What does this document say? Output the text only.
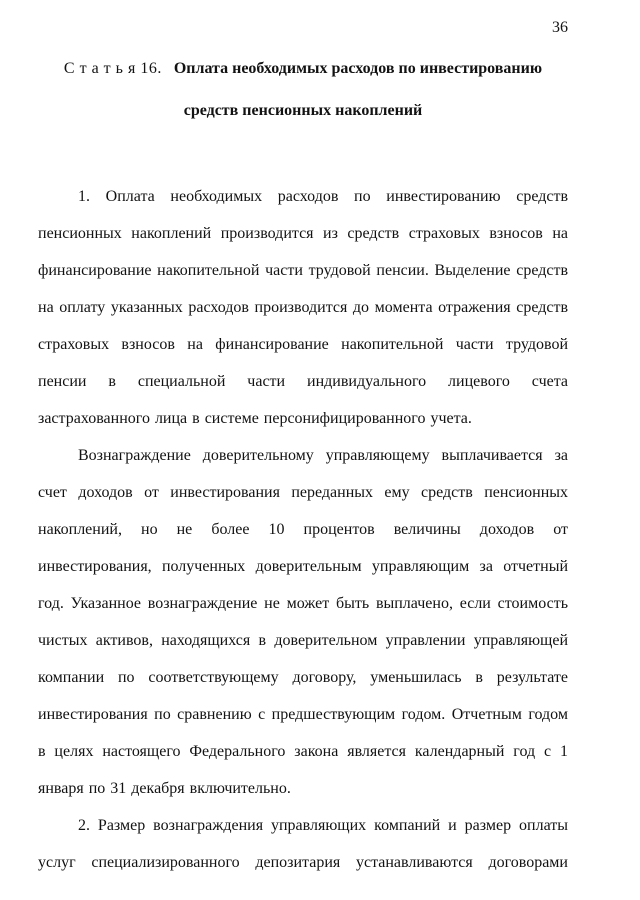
36
С т а т ь я 16. Оплата необходимых расходов по инвестированию
средств пенсионных накоплений

1. Оплата необходимых расходов по инвестированию средств пенсионных накоплений производится из средств страховых взносов на финансирование накопительной части трудовой пенсии. Выделение средств на оплату указанных расходов производится до момента отражения средств страховых взносов на финансирование накопительной части трудовой пенсии в специальной части индивидуального лицевого счета застрахованного лица в системе персонифицированного учета.

Вознаграждение доверительному управляющему выплачивается за счет доходов от инвестирования переданных ему средств пенсионных накоплений, но не более 10 процентов величины доходов от инвестирования, полученных доверительным управляющим за отчетный год. Указанное вознаграждение не может быть выплачено, если стоимость чистых активов, находящихся в доверительном управлении управляющей компании по соответствующему договору, уменьшилась в результате инвестирования по сравнению с предшествующим годом. Отчетным годом в целях настоящего Федерального закона является календарный год с 1 января по 31 декабря включительно.

2. Размер вознаграждения управляющих компаний и размер оплаты услуг специализированного депозитария устанавливаются договорами
